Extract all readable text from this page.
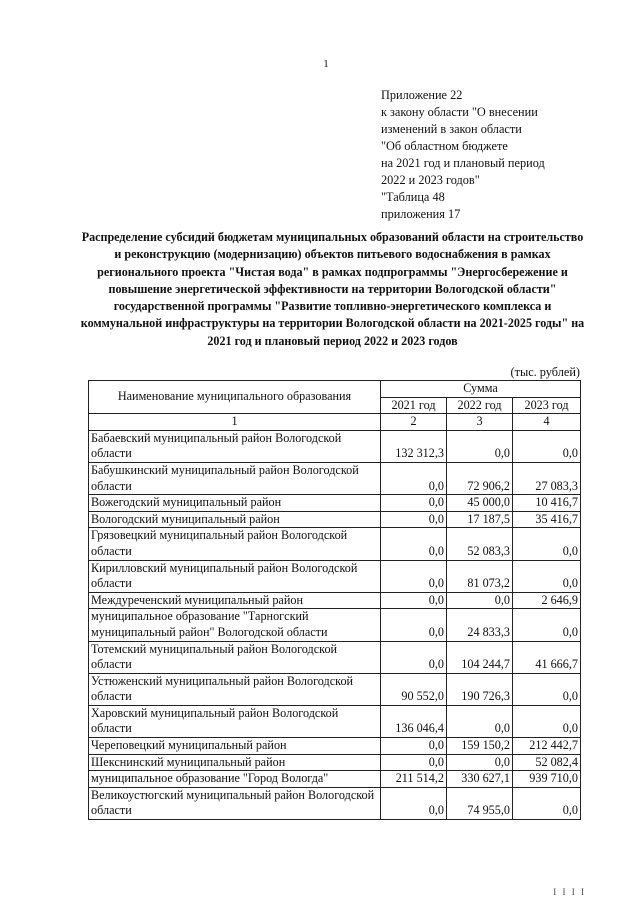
1
Приложение 22
к закону области "О внесении
изменений в закон области
"Об областном бюджете
на 2021 год и плановый период
2022 и 2023 годов"
"Таблица 48
приложения 17
Распределение субсидий бюджетам муниципальных образований области на строительство и реконструкцию (модернизацию) объектов питьевого водоснабжения в рамках регионального проекта "Чистая вода" в рамках подпрограммы "Энергосбережение и повышение энергетической эффективности на территории Вологодской области" государственной программы "Развитие топливно-энергетического комплекса и коммунальной инфраструктуры на территории Вологодской области на 2021-2025 годы" на 2021 год и плановый период 2022 и 2023 годов
(тыс. рублей)
Наименование муниципального образования	Сумма		
	2021 год	2022 год	2023 год
1	2	3	4
Бабаевский муниципальный район Вологодской области	132 312,3	0,0	0,0
Бабушкинский муниципальный район Вологодской области	0,0	72 906,2	27 083,3
Вожегодский муниципальный район	0,0	45 000,0	10 416,7
Вологодский муниципальный район	0,0	17 187,5	35 416,7
Грязовецкий муниципальный район Вологодской области	0,0	52 083,3	0,0
Кирилловский муниципальный район Вологодской области	0,0	81 073,2	0,0
Междуреченский муниципальный район	0,0	0,0	2 646,9
муниципальное образование "Тарногский муниципальный район" Вологодской области	0,0	24 833,3	0,0
Тотемский муниципальный район Вологодской области	0,0	104 244,7	41 666,7
Устюженский муниципальный район Вологодской области	90 552,0	190 726,3	0,0
Харовский муниципальный район Вологодской области	136 046,4	0,0	0,0
Череповецкий муниципальный район	0,0	159 150,2	212 442,7
Шекснинский муниципальный район	0,0	0,0	52 082,4
муниципальное образование "Город Вологда"	211 514,2	330 627,1	939 710,0
Великоустюгский муниципальный район Вологодской области	0,0	74 955,0	0,0
I I I I
